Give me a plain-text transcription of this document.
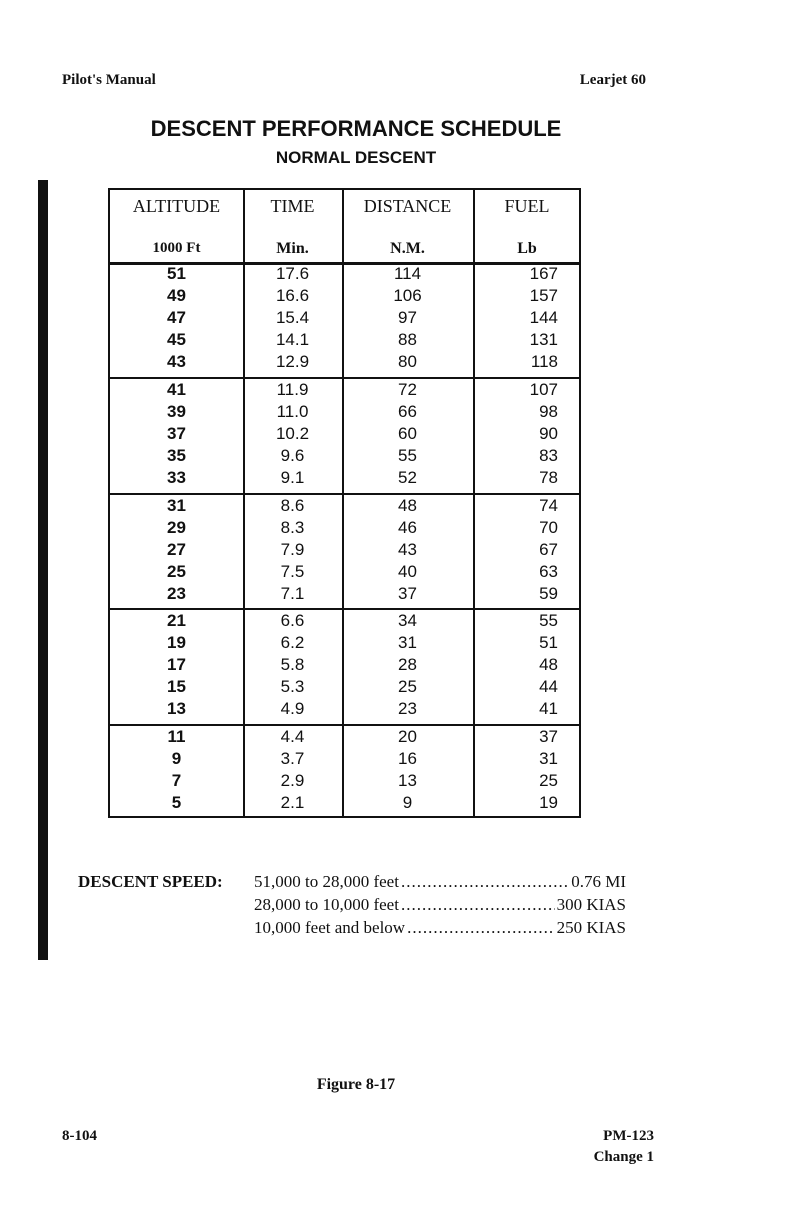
Pilot's Manual	Learjet 60
DESCENT PERFORMANCE SCHEDULE
NORMAL DESCENT
ALTITUDE	TIME	DISTANCE	FUEL
1000 Ft	Min.	N.M.	Lb
51	17.6	114	167
49	16.6	106	157
47	15.4	97	144
45	14.1	88	131
43	12.9	80	118
41	11.9	72	107
39	11.0	66	98
37	10.2	60	90
35	9.6	55	83
33	9.1	52	78
31	8.6	48	74
29	8.3	46	70
27	7.9	43	67
25	7.5	40	63
23	7.1	37	59
21	6.6	34	55
19	6.2	31	51
17	5.8	28	48
15	5.3	25	44
13	4.9	23	41
11	4.4	20	37
9	3.7	16	31
7	2.9	13	25
5	2.1	9	19
DESCENT SPEED: 51,000 to 28,000 feet .....	0.76 MI
28,000 to 10,000 feet .....	300 KIAS
10,000 feet and below .....	250 KIAS
Figure 8-17
8-104	PM-123
Change 1
